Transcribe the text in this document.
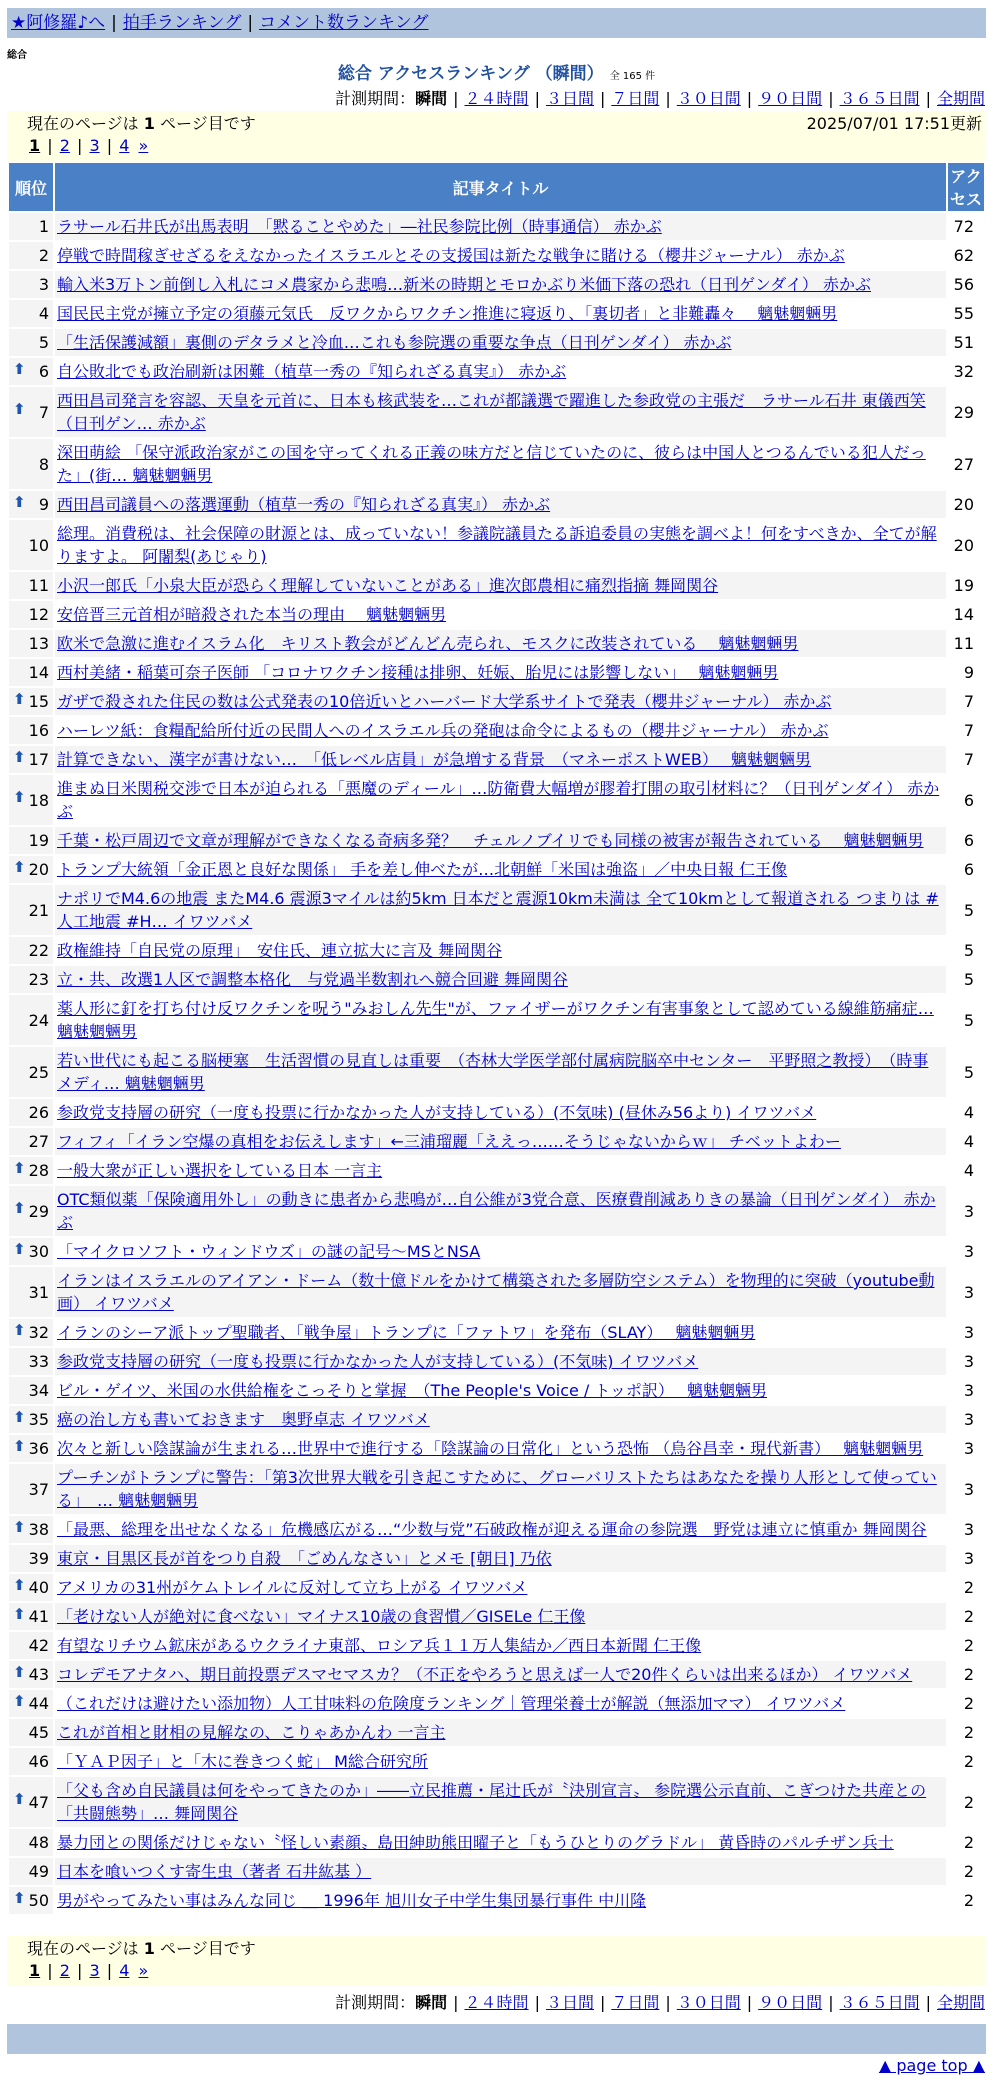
★阿修羅♪へ | 拍手ランキング | コメント数ランキング
総合
総合 アクセスランキング （瞬間） 全 165 件
計測期間：瞬間 | ２４時間 | ３日間 | ７日間 | ３０日間 | ９０日間 | ３６５日間 | 全期間
現在のページは 1 ページ目です	2025/07/01 17:51更新
1 | 2 | 3 | 4 »
順位	記事タイトル	アクセス
1	ラサール石井氏が出馬表明　「黙ることやめた」―社民参院比例（時事通信） 赤かぶ	72
2	停戦で時間稼ぎせざるをえなかったイスラエルとその支援国は新たな戦争に賭ける（櫻井ジャーナル） 赤かぶ	62
3	輸入米3万トン前倒し入札にコメ農家から悲鳴…新米の時期とモロかぶり米価下落の恐れ（日刊ゲンダイ） 赤かぶ	56
4	国民民主党が擁立予定の須藤元気氏　反ワクからワクチン推進に寝返り、「裏切者」と非難轟々　 魑魅魍魎男	55
5	「生活保護減額」裏側のデタラメと冷血…これも参院選の重要な争点（日刊ゲンダイ） 赤かぶ	51

⬆ 6	自公敗北でも政治刷新は困難（植草一秀の『知られざる真実』） 赤かぶ	32

⬆ 7	西田昌司発言を容認、天皇を元首に、日本も核武装を…これが都議選で躍進した参政党の主張だ　ラサール石井 東儀西笑（日刊ゲン… 赤かぶ	29
8	深田萌絵 「保守派政治家がこの国を守ってくれる正義の味方だと信じていたのに、彼らは中国人とつるんでいる犯人だった」(街… 魑魅魍魎男	27

⬆ 9	西田昌司議員への落選運動（植草一秀の『知られざる真実』） 赤かぶ	20
10	総理。消費税は、社会保障の財源とは、成っていない！参議院議員たる訴追委員の実態を調べよ！何をすべきか、全てが解りますよ。 阿闍梨(あじゃり)	20
11	小沢一郎氏「小泉大臣が恐らく理解していないことがある」進次郎農相に痛烈指摘 舞岡関谷	19
12	安倍晋三元首相が暗殺された本当の理由　 魑魅魍魎男	14
13	欧米で急激に進むイスラム化　キリスト教会がどんどん売られ、モスクに改装されている　 魑魅魍魎男	11
14	西村美緒・稲葉可奈子医師 「コロナワクチン接種は排卵、妊娠、胎児には影響しない」　 魑魅魍魎男	9

⬆ 15	ガザで殺された住民の数は公式発表の10倍近いとハーバード大学系サイトで発表（櫻井ジャーナル） 赤かぶ	7
16	ハーレツ紙：食糧配給所付近の民間人へのイスラエル兵の発砲は命令によるもの（櫻井ジャーナル） 赤かぶ	7

⬆ 17	計算できない、漢字が書けない…　「低レベル店員」が急増する背景　（マネーポストWEB）　 魑魅魍魎男	7

⬆ 18	進まぬ日米関税交渉で日本が迫られる「悪魔のディール」…防衛費大幅増が膠着打開の取引材料に？（日刊ゲンダイ） 赤かぶ	6
19	千葉・松戸周辺で文章が理解ができなくなる奇病多発？　チェルノブイリでも同様の被害が報告されている　 魑魅魍魎男	6

⬆ 20	トランプ大統領「金正恩と良好な関係」 手を差し伸べたが…北朝鮮「米国は強盗」／中央日報 仁王像	6
21	ナポリでM4.6の地震 またM4.6 震源3マイルは約5km 日本だと震源10km未満は 全て10kmとして報道される つまりは #人工地震 #H… イワツバメ	5
22	政権維持「自民党の原理」　安住氏、連立拡大に言及 舞岡関谷	5
23	立・共、改選1人区で調整本格化　与党過半数割れへ競合回避 舞岡関谷	5
24	薬人形に釘を打ち付け反ワクチンを呪う"みおしん先生"が、ファイザーがワクチン有害事象として認めている線維筋痛症… 魑魅魍魎男	5
25	若い世代にも起こる脳梗塞　生活習慣の見直しは重要　（杏林大学医学部付属病院脳卒中センター　平野照之教授）　（時事メディ… 魑魅魍魎男	5
26	参政党支持層の研究（一度も投票に行かなかった人が支持している）(不気味) (昼休み56より) イワツバメ	4
27	フィフィ「イラン空爆の真相をお伝えします」←三浦瑠麗「ええっ……そうじゃないからｗ」 チベットよわー	4

⬆ 28	一般大衆が正しい選択をしている日本 一言主	4

⬆ 29	OTC類似薬「保険適用外し」の動きに患者から悲鳴が…自公維が3党合意、医療費削減ありきの暴論（日刊ゲンダイ） 赤かぶ	3

⬆ 30	「マイクロソフト・ウィンドウズ」の謎の記号〜MSとNSA	3
31	イランはイスラエルのアイアン・ドーム（数十億ドルをかけて構築された多層防空システム）を物理的に突破（youtube動画） イワツバメ	3

⬆ 32	イランのシーア派トップ聖職者、「戦争屋」トランプに「ファトワ」を発布（SLAY）　 魑魅魍魎男	3
33	参政党支持層の研究（一度も投票に行かなかった人が支持している）(不気味) イワツバメ	3
34	ビル・ゲイツ、米国の水供給権をこっそりと掌握　（The People's Voice / トッポ訳）　 魑魅魍魎男	3

⬆ 35	癌の治し方も書いておきます　奥野卓志 イワツバメ	3

⬆ 36	次々と新しい陰謀論が生まれる…世界中で進行する「陰謀論の日常化」という恐怖 （烏谷昌幸・現代新書）　 魑魅魍魎男	3
37	プーチンがトランプに警告：「第3次世界大戦を引き起こすために、グローバリストたちはあなたを操り人形として使っている」　… 魑魅魍魎男	3

⬆ 38	「最悪、総理を出せなくなる」危機感広がる…“少数与党”石破政権が迎える運命の参院選　野党は連立に慎重か 舞岡関谷	3
39	東京・目黒区長が首をつり自殺　「ごめんなさい」とメモ [朝日] 乃依	3

⬆ 40	アメリカの31州がケムトレイルに反対して立ち上がる イワツバメ	2

⬆ 41	「老けない人が絶対に食べない」マイナス10歳の食習慣／GISELe 仁王像	2
42	有望なリチウム鉱床があるウクライナ東部、ロシア兵１１万人集結か／西日本新聞 仁王像	2

⬆ 43	コレデモアナタハ、期日前投票デスマセマスカ？（不正をやろうと思えば一人で20件くらいは出来るほか） イワツバメ	2

⬆ 44	（これだけは避けたい添加物）人工甘味料の危険度ランキング｜管理栄養士が解説（無添加ママ） イワツバメ	2
45	これが首相と財相の見解なの、こりゃあかんわ 一言主	2
46	「ＹＡＰ因子」と「木に巻きつく蛇」 M総合研究所	2

⬆ 47	「父も含め自民議員は何をやってきたのか」――立民推薦・尾辻氏が〝決別宣言〟 参院選公示直前、こぎつけた共産との「共闘態勢」… 舞岡関谷	2
48	暴力団との関係だけじゃない〝怪しい素顔〟島田紳助熊田曜子と「もうひとりのグラドル」 黄昏時のパルチザン兵士	2
49	日本を喰いつくす寄生虫（著者 石井紘基 ）	2

⬆ 50	男がやってみたい事はみんな同じ ＿ 1996年 旭川女子中学生集団暴行事件 中川隆	2
計測期間：瞬間 | ２４時間 | ３日間 | ７日間 | ３０日間 | ９０日間 | ３６５日間 | 全期間
現在のページは 1 ページ目です
1 | 2 | 3 | 4 »
▲ page top ▲
